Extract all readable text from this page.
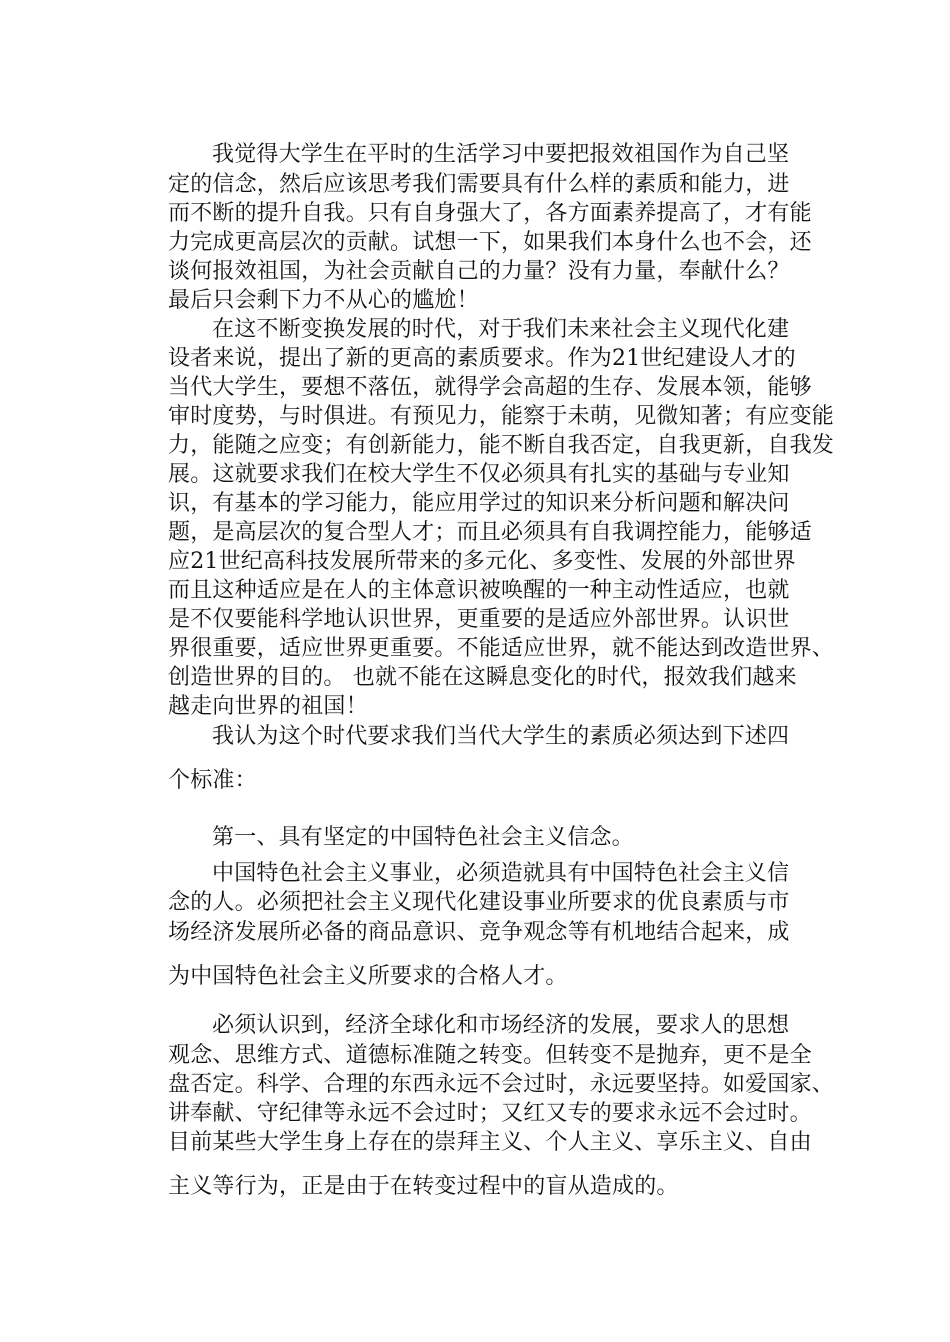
我觉得大学生在平时的生活学习中要把报效祖国作为自己坚
定的信念，然后应该思考我们需要具有什么样的素质和能力，进
而不断的提升自我。只有自身强大了，各方面素养提高了，才有能
力完成更高层次的贡献。试想一下，如果我们本身什么也不会，还
谈何报效祖国，为社会贡献自己的力量？没有力量，奉献什么？
最后只会剩下力不从心的尴尬！
在这不断变换发展的时代，对于我们未来社会主义现代化建
设者来说，提出了新的更高的素质要求。作为21世纪建设人才的
当代大学生，要想不落伍，就得学会高超的生存、发展本领，能够
审时度势，与时俱进。有预见力，能察于未萌，见微知著；有应变能
力，能随之应变；有创新能力，能不断自我否定，自我更新，自我发
展。这就要求我们在校大学生不仅必须具有扎实的基础与专业知
识，有基本的学习能力，能应用学过的知识来分析问题和解决问
题，是高层次的复合型人才；而且必须具有自我调控能力，能够适
应21世纪高科技发展所带来的多元化、多变性、发展的外部世界
而且这种适应是在人的主体意识被唤醒的一种主动性适应，也就
是不仅要能科学地认识世界，更重要的是适应外部世界。认识世
界很重要，适应世界更重要。不能适应世界，就不能达到改造世界、
创造世界的目的。 也就不能在这瞬息变化的时代，报效我们越来
越走向世界的祖国！
我认为这个时代要求我们当代大学生的素质必须达到下述四
个标准：
第一、具有坚定的中国特色社会主义信念。
中国特色社会主义事业，必须造就具有中国特色社会主义信
念的人。必须把社会主义现代化建设事业所要求的优良素质与市
场经济发展所必备的商品意识、竞争观念等有机地结合起来，成
为中国特色社会主义所要求的合格人才。
必须认识到，经济全球化和市场经济的发展，要求人的思想
观念、思维方式、道德标准随之转变。但转变不是抛弃，更不是全
盘否定。科学、合理的东西永远不会过时，永远要坚持。如爱国家、
讲奉献、守纪律等永远不会过时；又红又专的要求永远不会过时。
目前某些大学生身上存在的崇拜主义、个人主义、享乐主义、自由
主义等行为，正是由于在转变过程中的盲从造成的。
